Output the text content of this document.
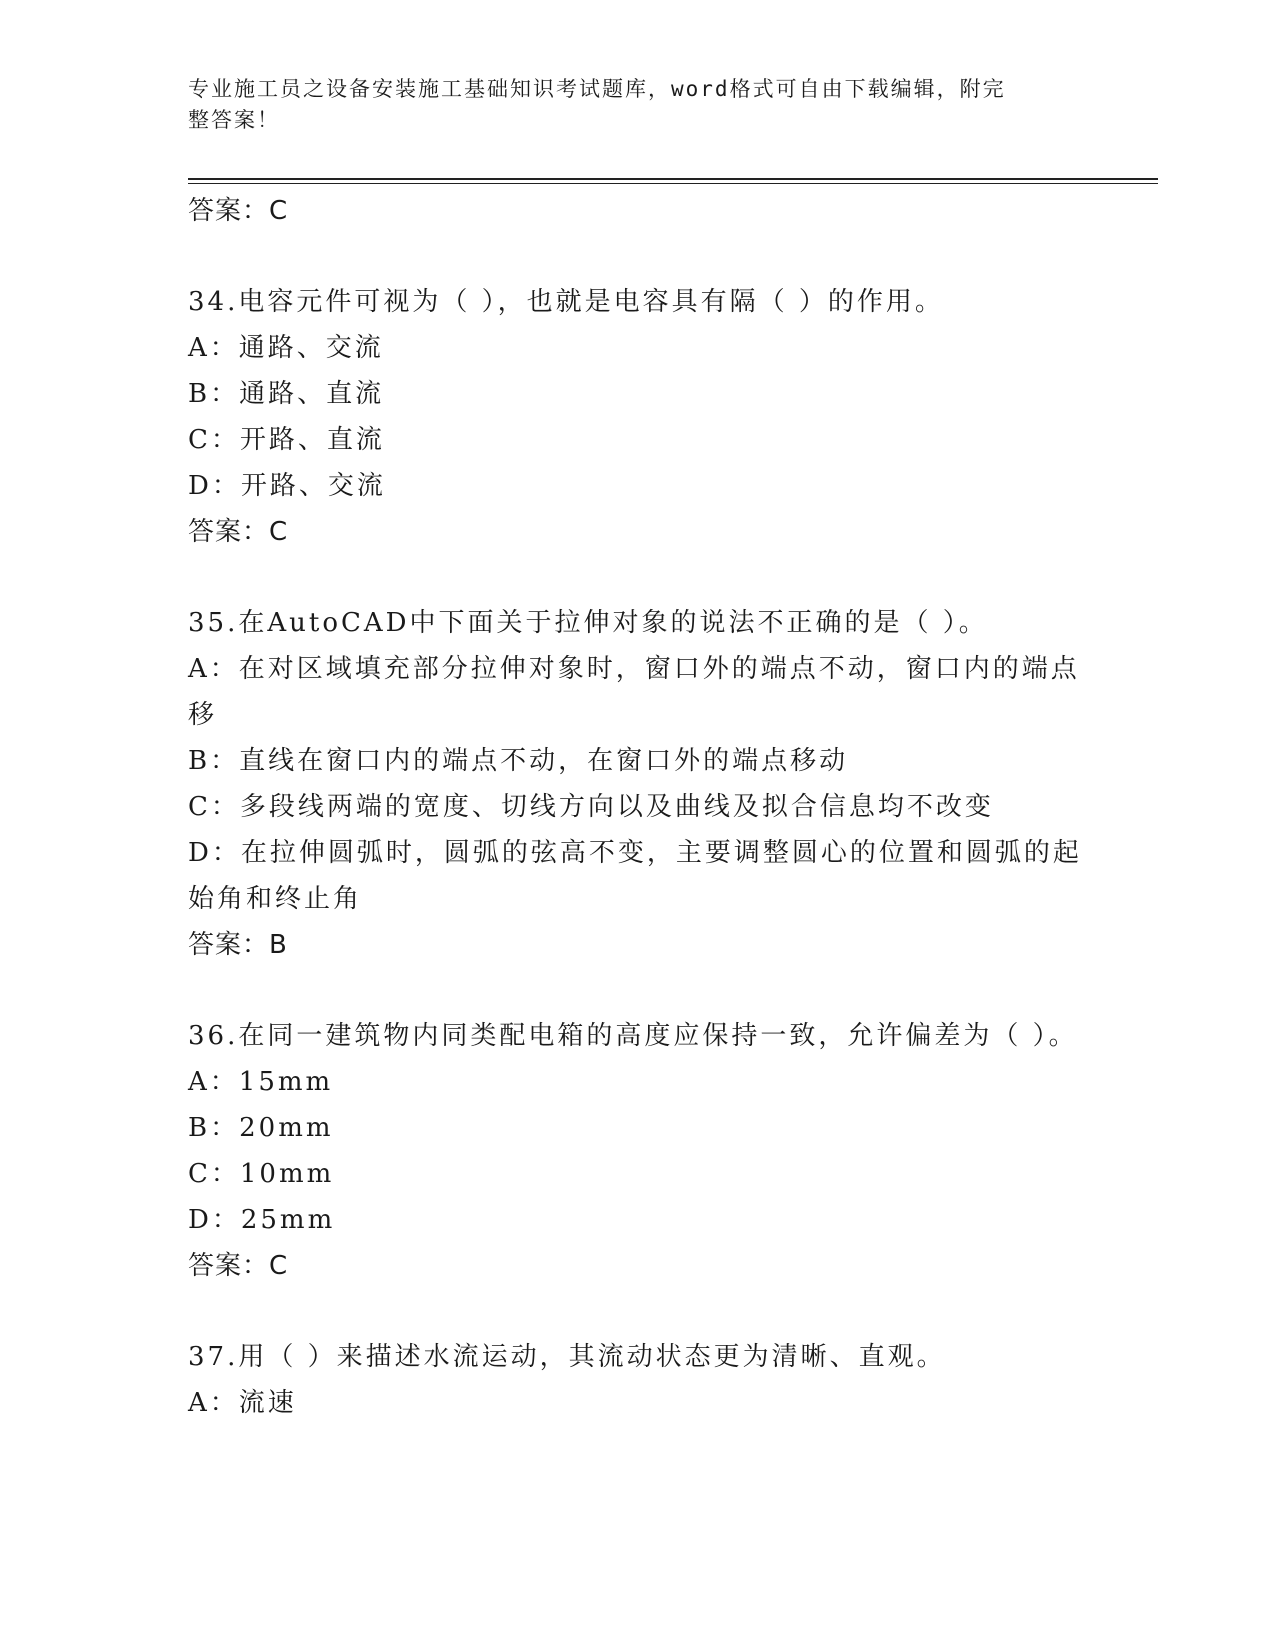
专业施工员之设备安装施工基础知识考试题库，word格式可自由下载编辑，附完
整答案！
答案：C
34.电容元件可视为（ ），也就是电容具有隔（ ）的作用。
A：通路、交流
B：通路、直流
C：开路、直流
D：开路、交流
答案：C
35.在AutoCAD中下面关于拉伸对象的说法不正确的是（ ）。
A：在对区域填充部分拉伸对象时，窗口外的端点不动，窗口内的端点移
B：直线在窗口内的端点不动，在窗口外的端点移动
C：多段线两端的宽度、切线方向以及曲线及拟合信息均不改变
D：在拉伸圆弧时，圆弧的弦高不变，主要调整圆心的位置和圆弧的起始角和终止角
答案：B
36.在同一建筑物内同类配电箱的高度应保持一致，允许偏差为（ ）。
A：15mm
B：20mm
C：10mm
D：25mm
答案：C
37.用（ ）来描述水流运动，其流动状态更为清晰、直观。
A：流速
